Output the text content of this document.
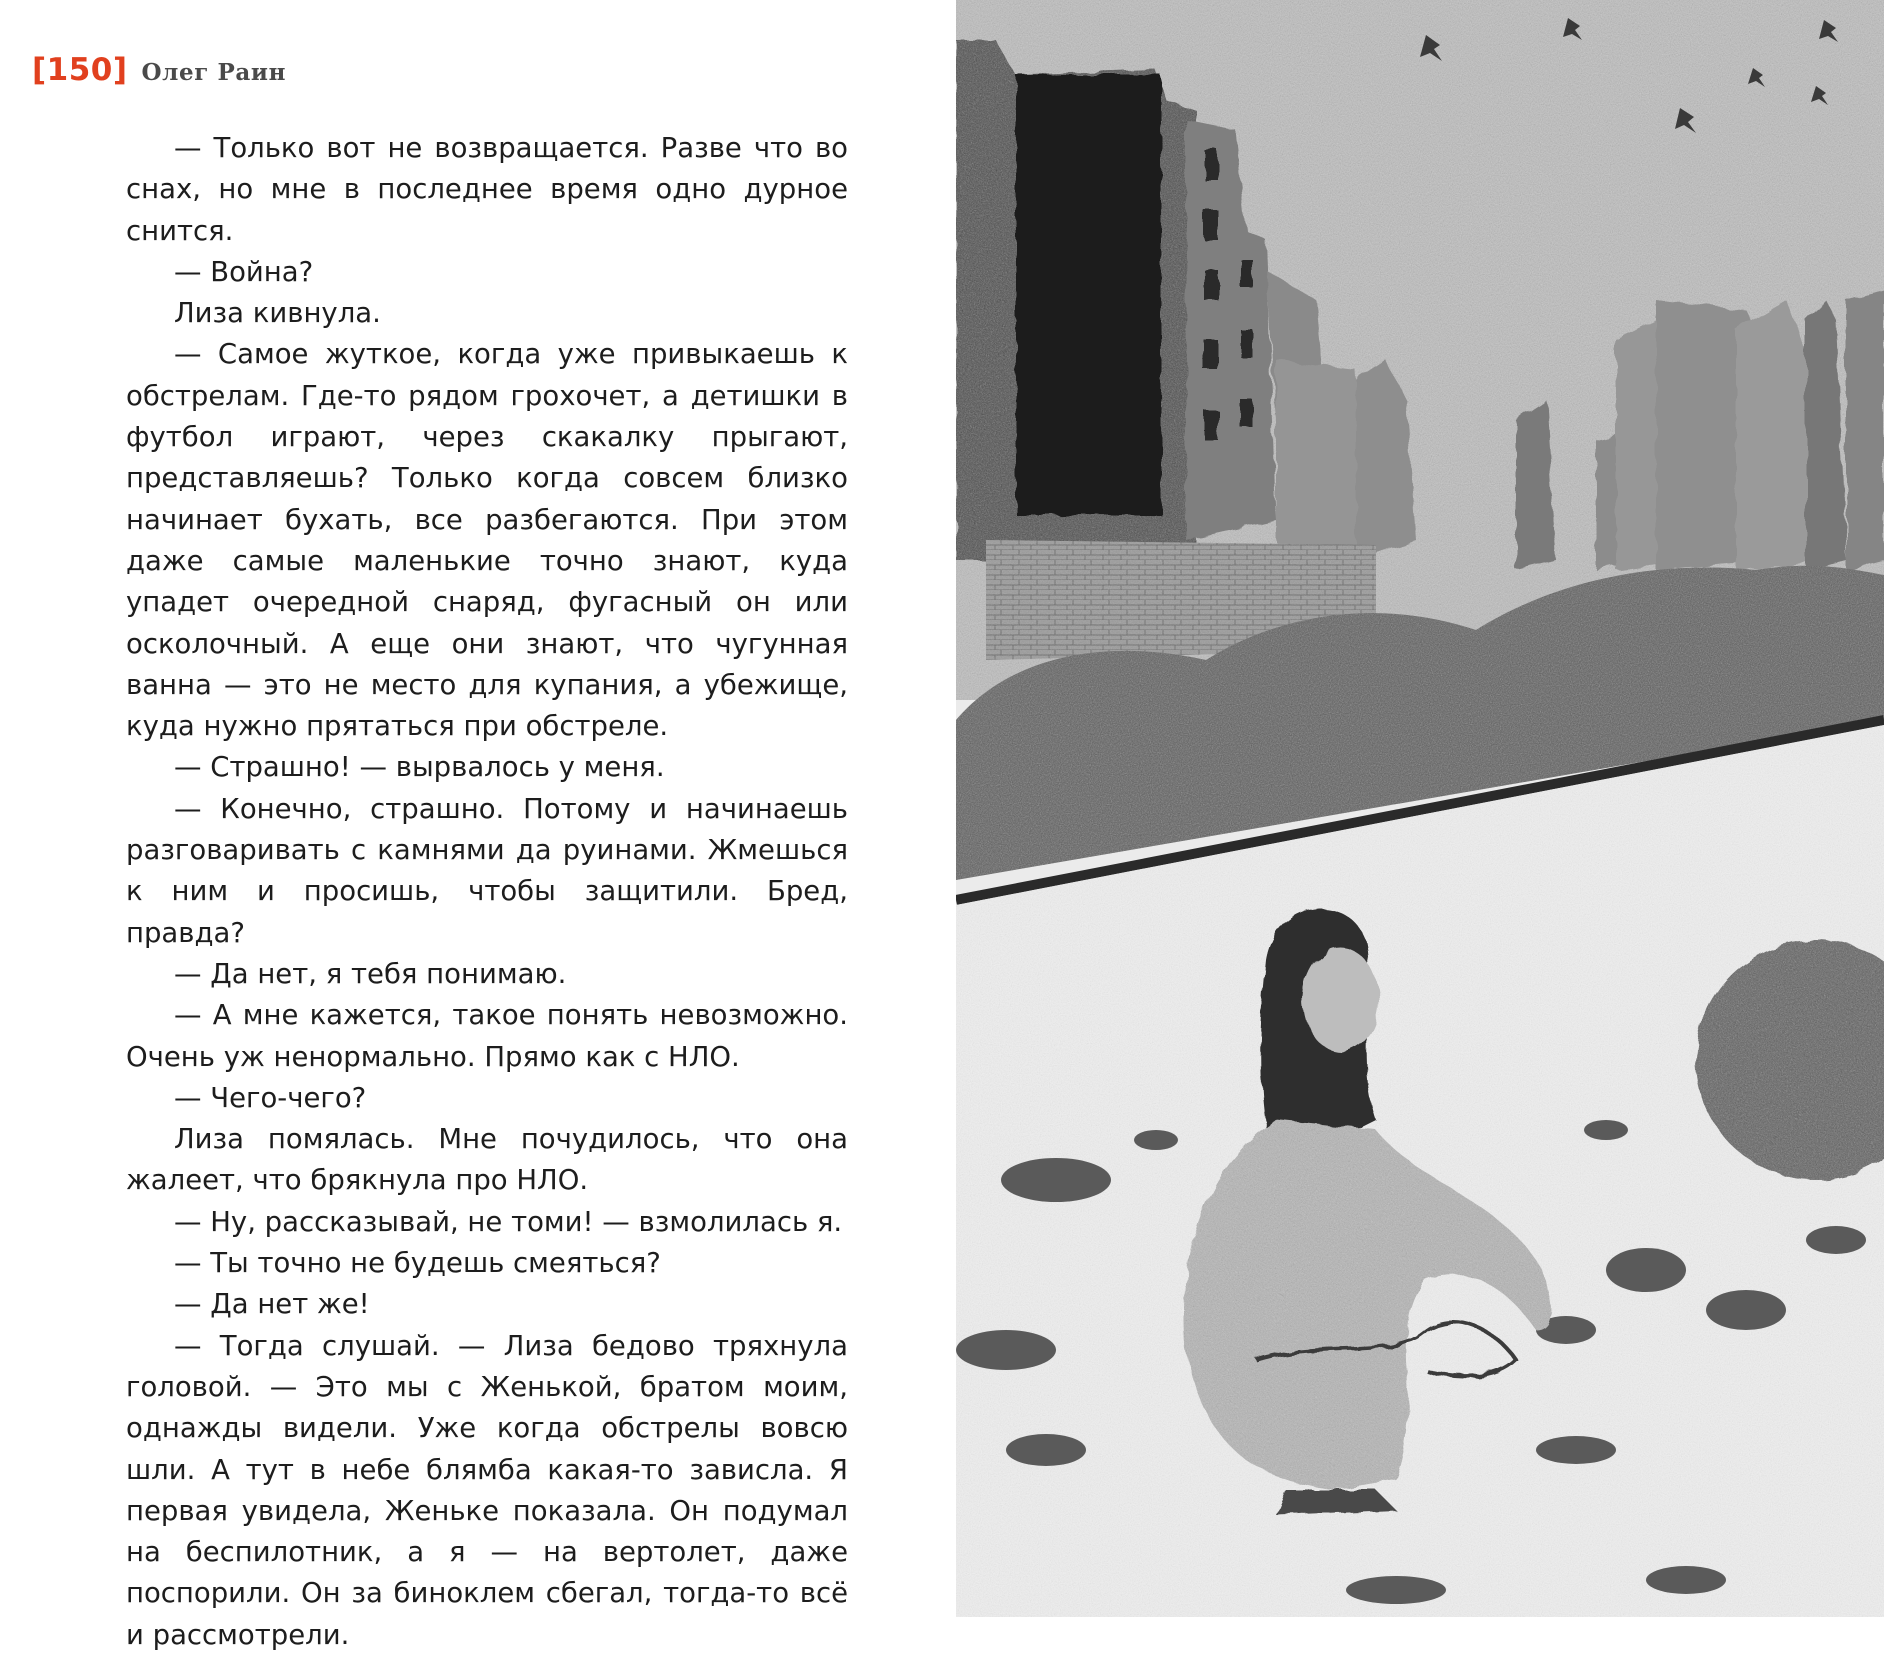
[150] Олег Раин

— Только вот не возвращается. Разве что во снах, но мне в последнее время одно дурное снится.

— Война?

Лиза кивнула.

— Самое жуткое, когда уже привыкаешь к обстрелам. Где-то рядом грохочет, а детишки в футбол играют, через скакалку прыгают, представляешь? Только когда совсем близко начинает бухать, все разбегаются. При этом даже самые маленькие точно знают, куда упадет очередной снаряд, фугасный он или осколочный. А еще они знают, что чугунная ванна — это не место для купания, а убежище, куда нужно прятаться при обстреле.

— Страшно! — вырвалось у меня.

— Конечно, страшно. Потому и начинаешь разговаривать с камнями да руинами. Жмешься к ним и просишь, чтобы защитили. Бред, правда?

— Да нет, я тебя понимаю.

— А мне кажется, такое понять невозможно. Очень уж ненормально. Прямо как с НЛО.

— Чего-чего?

Лиза помялась. Мне почудилось, что она жалеет, что брякнула про НЛО.

— Ну, рассказывай, не томи! — взмолилась я.

— Ты точно не будешь смеяться?

— Да нет же!

— Тогда слушай. — Лиза бедово тряхнула головой. — Это мы с Женькой, братом моим, однажды видели. Уже когда обстрелы вовсю шли. А тут в небе блямба какая-то зависла. Я первая увидела, Женьке показала. Он подумал на беспилотник, а я — на вертолет, даже поспорили. Он за биноклем сбегал, тогда-то всё и рассмотрели.
